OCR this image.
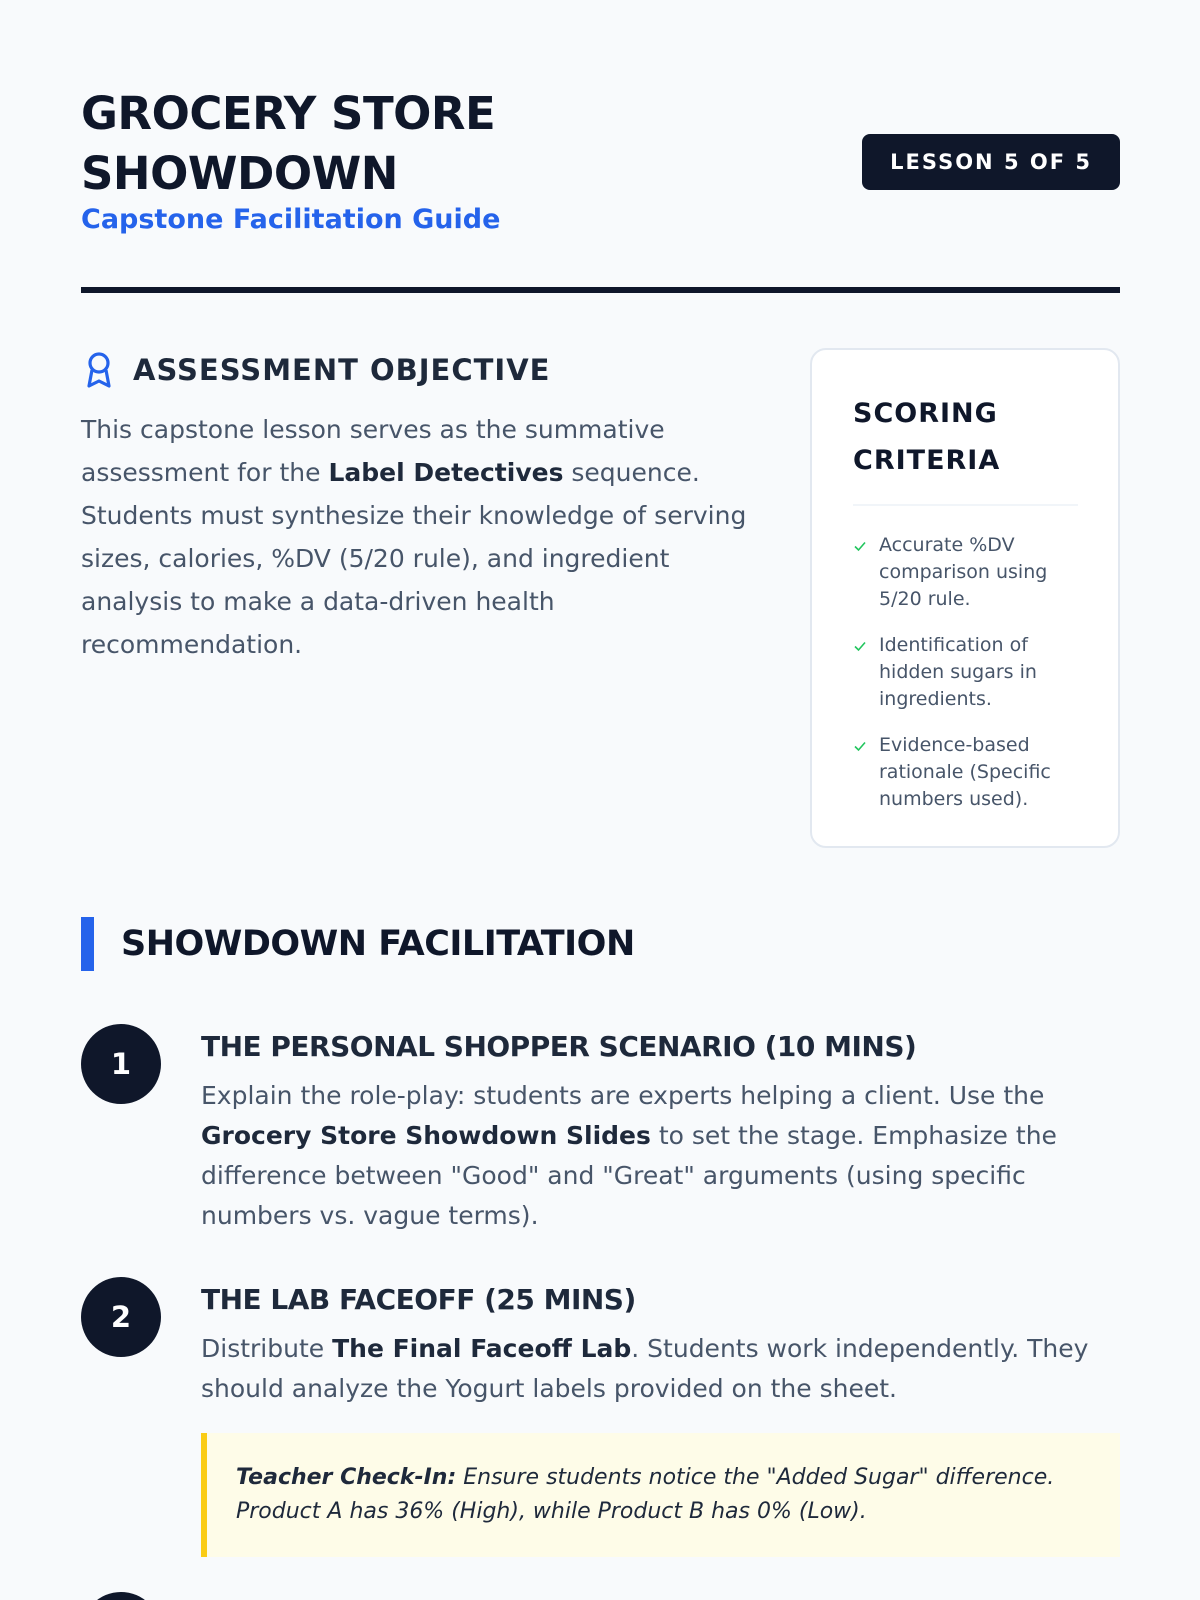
GROCERY STORE SHOWDOWN
Capstone Facilitation Guide
LESSON 5 OF 5
ASSESSMENT OBJECTIVE

This capstone lesson serves as the summative assessment for the Label Detectives sequence. Students must synthesize their knowledge of serving sizes, calories, %DV (5/20 rule), and ingredient analysis to make a data-driven health recommendation.

SCORING CRITERIA
Accurate %DV comparison using 5/20 rule.
Identification of hidden sugars in ingredients.
Evidence-based rationale (Specific numbers used).
SHOWDOWN FACILITATION
1
THE PERSONAL SHOPPER SCENARIO (10 MINS)

Explain the role-play: students are experts helping a client. Use the Grocery Store Showdown Slides to set the stage. Emphasize the difference between "Good" and "Great" arguments (using specific numbers vs. vague terms).

2
THE LAB FACEOFF (25 MINS)

Distribute The Final Faceoff Lab. Students work independently. They should analyze the Yogurt labels provided on the sheet.

Teacher Check-In: Ensure students notice the "Added Sugar" difference. Product A has 36% (High), while Product B has 0% (Low).
